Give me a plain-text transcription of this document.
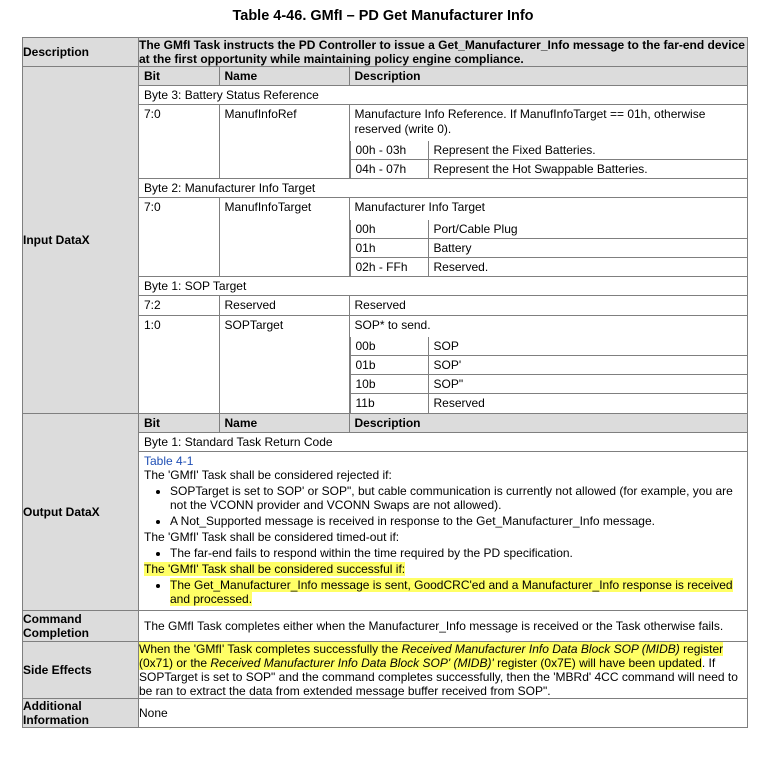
Table 4-46. GMfI – PD Get Manufacturer Info
Description	The GMfI Task instructs the PD Controller to issue a Get_Manufacturer_Info message to the far-end device at the first opportunity while maintaining policy engine compliance.
Input DataX	
Bit	Name	Description
Byte 3: Battery Status Reference
7:0	ManufInfoRef	Manufacture Info Reference. If ManufInfoTarget == 01h, otherwise reserved (write 0).
00h - 03h	Represent the Fixed Batteries.
04h - 07h	Represent the Hot Swappable Batteries.

Byte 2: Manufacturer Info Target
7:0	ManufInfoTarget	Manufacturer Info Target
00h	Port/Cable Plug
01h	Battery
02h - FFh	Reserved.

Byte 1: SOP Target
7:2	Reserved	Reserved
1:0	SOPTarget	SOP* to send.
00b	SOP
01b	SOP'
10b	SOP"
11b	Reserved

Output DataX	
Bit	Name	Description
Byte 1: Standard Task Return Code

Table 4-1
The 'GMfI' Task shall be considered rejected if:
• SOPTarget is set to SOP' or SOP", but cable communication is currently not allowed (for example, you are not the VCONN provider and VCONN Swaps are not allowed).
• A Not_Supported message is received in response to the Get_Manufacturer_Info message.
The 'GMfI' Task shall be considered timed-out if:
• The far-end fails to respond within the time required by the PD specification.
The 'GMfI' Task shall be considered successful if:
• The Get_Manufacturer_Info message is sent, GoodCRC'ed and a Manufacturer_Info response is received and processed.

Command Completion	The GMfI Task completes either when the Manufacturer_Info message is received or the Task otherwise fails.
Side Effects	When the 'GMfI' Task completes successfully the Received Manufacturer Info Data Block SOP (MIDB) register (0x71) or the Received Manufacturer Info Data Block SOP' (MIDB)' register (0x7E) will have been updated. If SOPTarget is set to SOP" and the command completes successfully, then the 'MBRd' 4CC command will need to be ran to extract the data from extended message buffer received from SOP".
Additional Information	None
